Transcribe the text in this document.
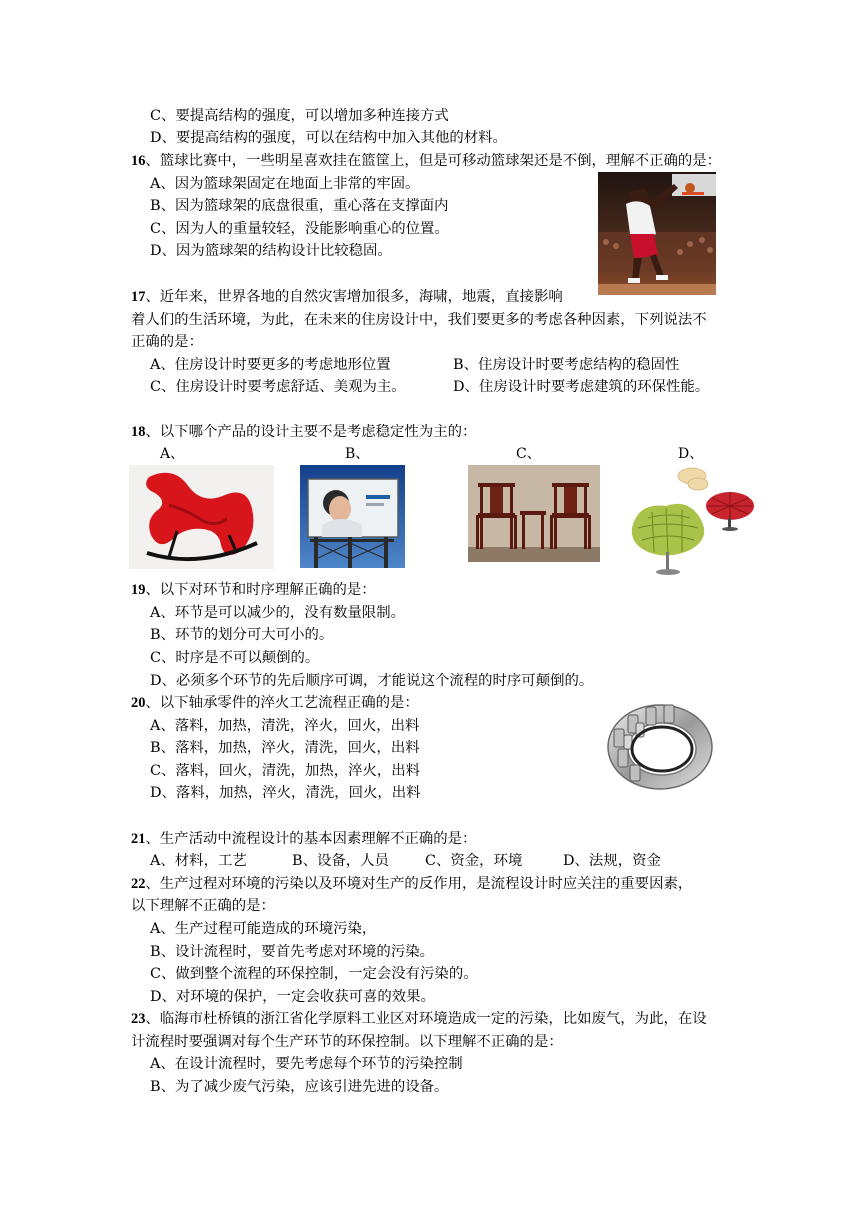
C、要提高结构的强度，可以增加多种连接方式
D、要提高结构的强度，可以在结构中加入其他的材料。
16、篮球比赛中，一些明星喜欢挂在篮筐上，但是可移动篮球架还是不倒，理解不正确的是：
A、因为篮球架固定在地面上非常的牢固。
B、因为篮球架的底盘很重，重心落在支撑面内
C、因为人的重量较轻，没能影响重心的位置。
D、因为篮球架的结构设计比较稳固。
17、近年来，世界各地的自然灾害增加很多，海啸，地震，直接影响
着人们的生活环境，为此，在未来的住房设计中，我们要更多的考虑各种因素，下列说法不
正确的是：
A、住房设计时要更多的考虑地形位置	B、住房设计时要考虑结构的稳固性
C、住房设计时要考虑舒适、美观为主。	D、住房设计时要考虑建筑的环保性能。
18、以下哪个产品的设计主要不是考虑稳定性为主的：
A、	B、	C、	D、
19、以下对环节和时序理解正确的是：
A、环节是可以减少的，没有数量限制。
B、环节的划分可大可小的。
C、时序是不可以颠倒的。
D、必须多个环节的先后顺序可调，才能说这个流程的时序可颠倒的。
20、以下轴承零件的淬火工艺流程正确的是：
A、落料，加热，清洗，淬火，回火，出料
B、落料，加热，淬火，清洗，回火，出料
C、落料，回火，清洗，加热，淬火，出料
D、落料，加热，淬火，清洗，回火，出料
21、生产活动中流程设计的基本因素理解不正确的是：
A、材料，工艺	B、设备，人员	C、资金，环境	D、法规，资金
22、生产过程对环境的污染以及环境对生产的反作用，是流程设计时应关注的重要因素，
以下理解不正确的是：
A、生产过程可能造成的环境污染，
B、设计流程时，要首先考虑对环境的污染。
C、做到整个流程的环保控制，一定会没有污染的。
D、对环境的保护，一定会收获可喜的效果。
23、临海市杜桥镇的浙江省化学原料工业区对环境造成一定的污染，比如废气，为此，在设
计流程时要强调对每个生产环节的环保控制。以下理解不正确的是：
A、在设计流程时，要先考虑每个环节的污染控制
B、为了减少废气污染，应该引进先进的设备。
